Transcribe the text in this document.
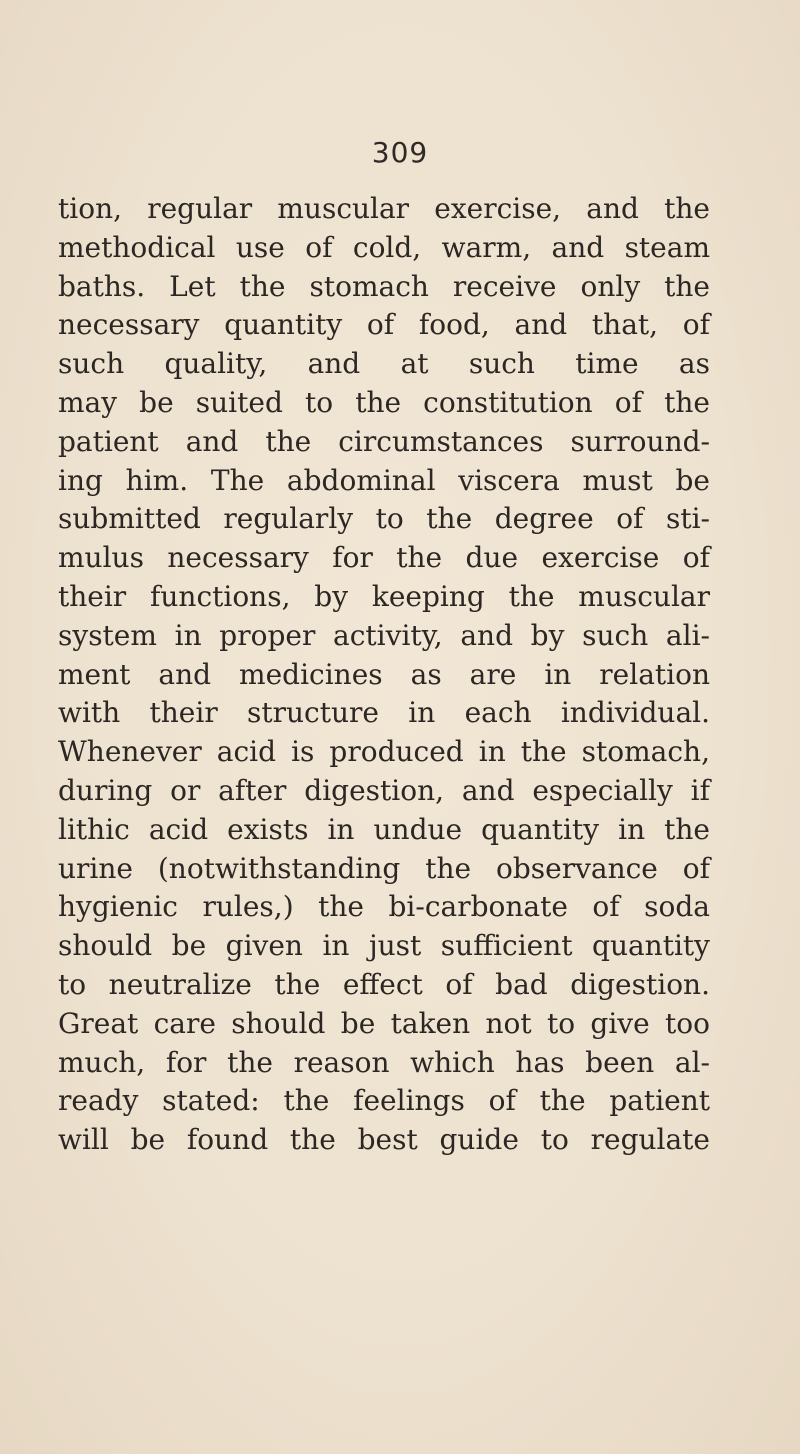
309
tion, regular muscular exercise, and the
methodical use of cold, warm, and steam
baths. Let the stomach receive only the
necessary quantity of food, and that, of
such quality, and at such time as
may be suited to the constitution of the
patient and the circumstances surround-
ing him. The abdominal viscera must be
submitted regularly to the degree of sti-
mulus necessary for the due exercise of
their functions, by keeping the muscular
system in proper activity, and by such ali-
ment and medicines as are in relation
with their structure in each individual.
Whenever acid is produced in the stomach,
during or after digestion, and especially if
lithic acid exists in undue quantity in the
urine (notwithstanding the observance of
hygienic rules,) the bi-carbonate of soda
should be given in just sufficient quantity
to neutralize the effect of bad digestion.
Great care should be taken not to give too
much, for the reason which has been al-
ready stated: the feelings of the patient
will be found the best guide to regulate
